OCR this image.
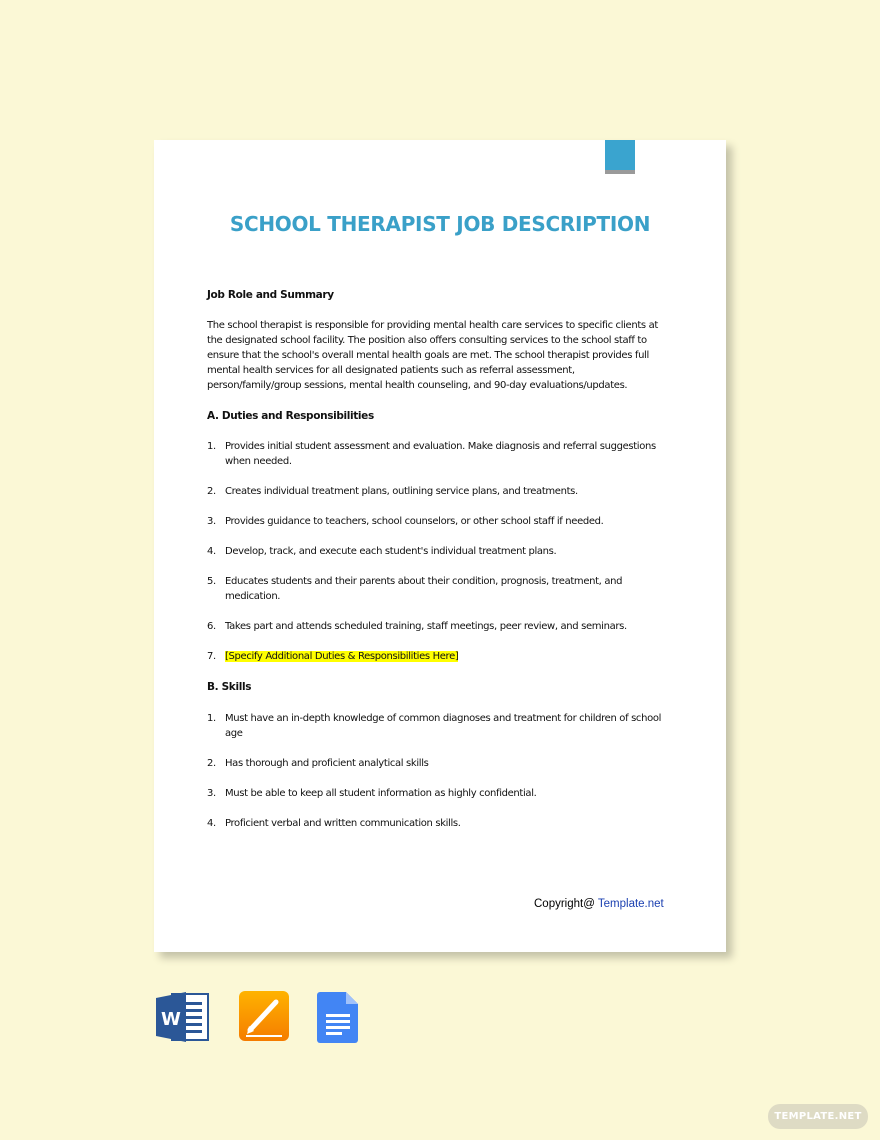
SCHOOL THERAPIST JOB DESCRIPTION
Job Role and Summary
The school therapist is responsible for providing mental health care services to specific clients at the designated school facility. The position also offers consulting services to the school staff to ensure that the school's overall mental health goals are met. The school therapist provides full mental health services for all designated patients such as referral assessment, person/family/group sessions, mental health counseling, and 90-day evaluations/updates.
A. Duties and Responsibilities
1. Provides initial student assessment and evaluation. Make diagnosis and referral suggestions when needed.
2. Creates individual treatment plans, outlining service plans, and treatments.
3. Provides guidance to teachers, school counselors, or other school staff if needed.
4. Develop, track, and execute each student's individual treatment plans.
5. Educates students and their parents about their condition, prognosis, treatment, and medication.
6. Takes part and attends scheduled training, staff meetings, peer review, and seminars.
7. [Specify Additional Duties & Responsibilities Here]
B. Skills
1. Must have an in-depth knowledge of common diagnoses and treatment for children of school age
2. Has thorough and proficient analytical skills
3. Must be able to keep all student information as highly confidential.
4. Proficient verbal and written communication skills.
Copyright@ Template.net
W
TEMPLATE.NET
